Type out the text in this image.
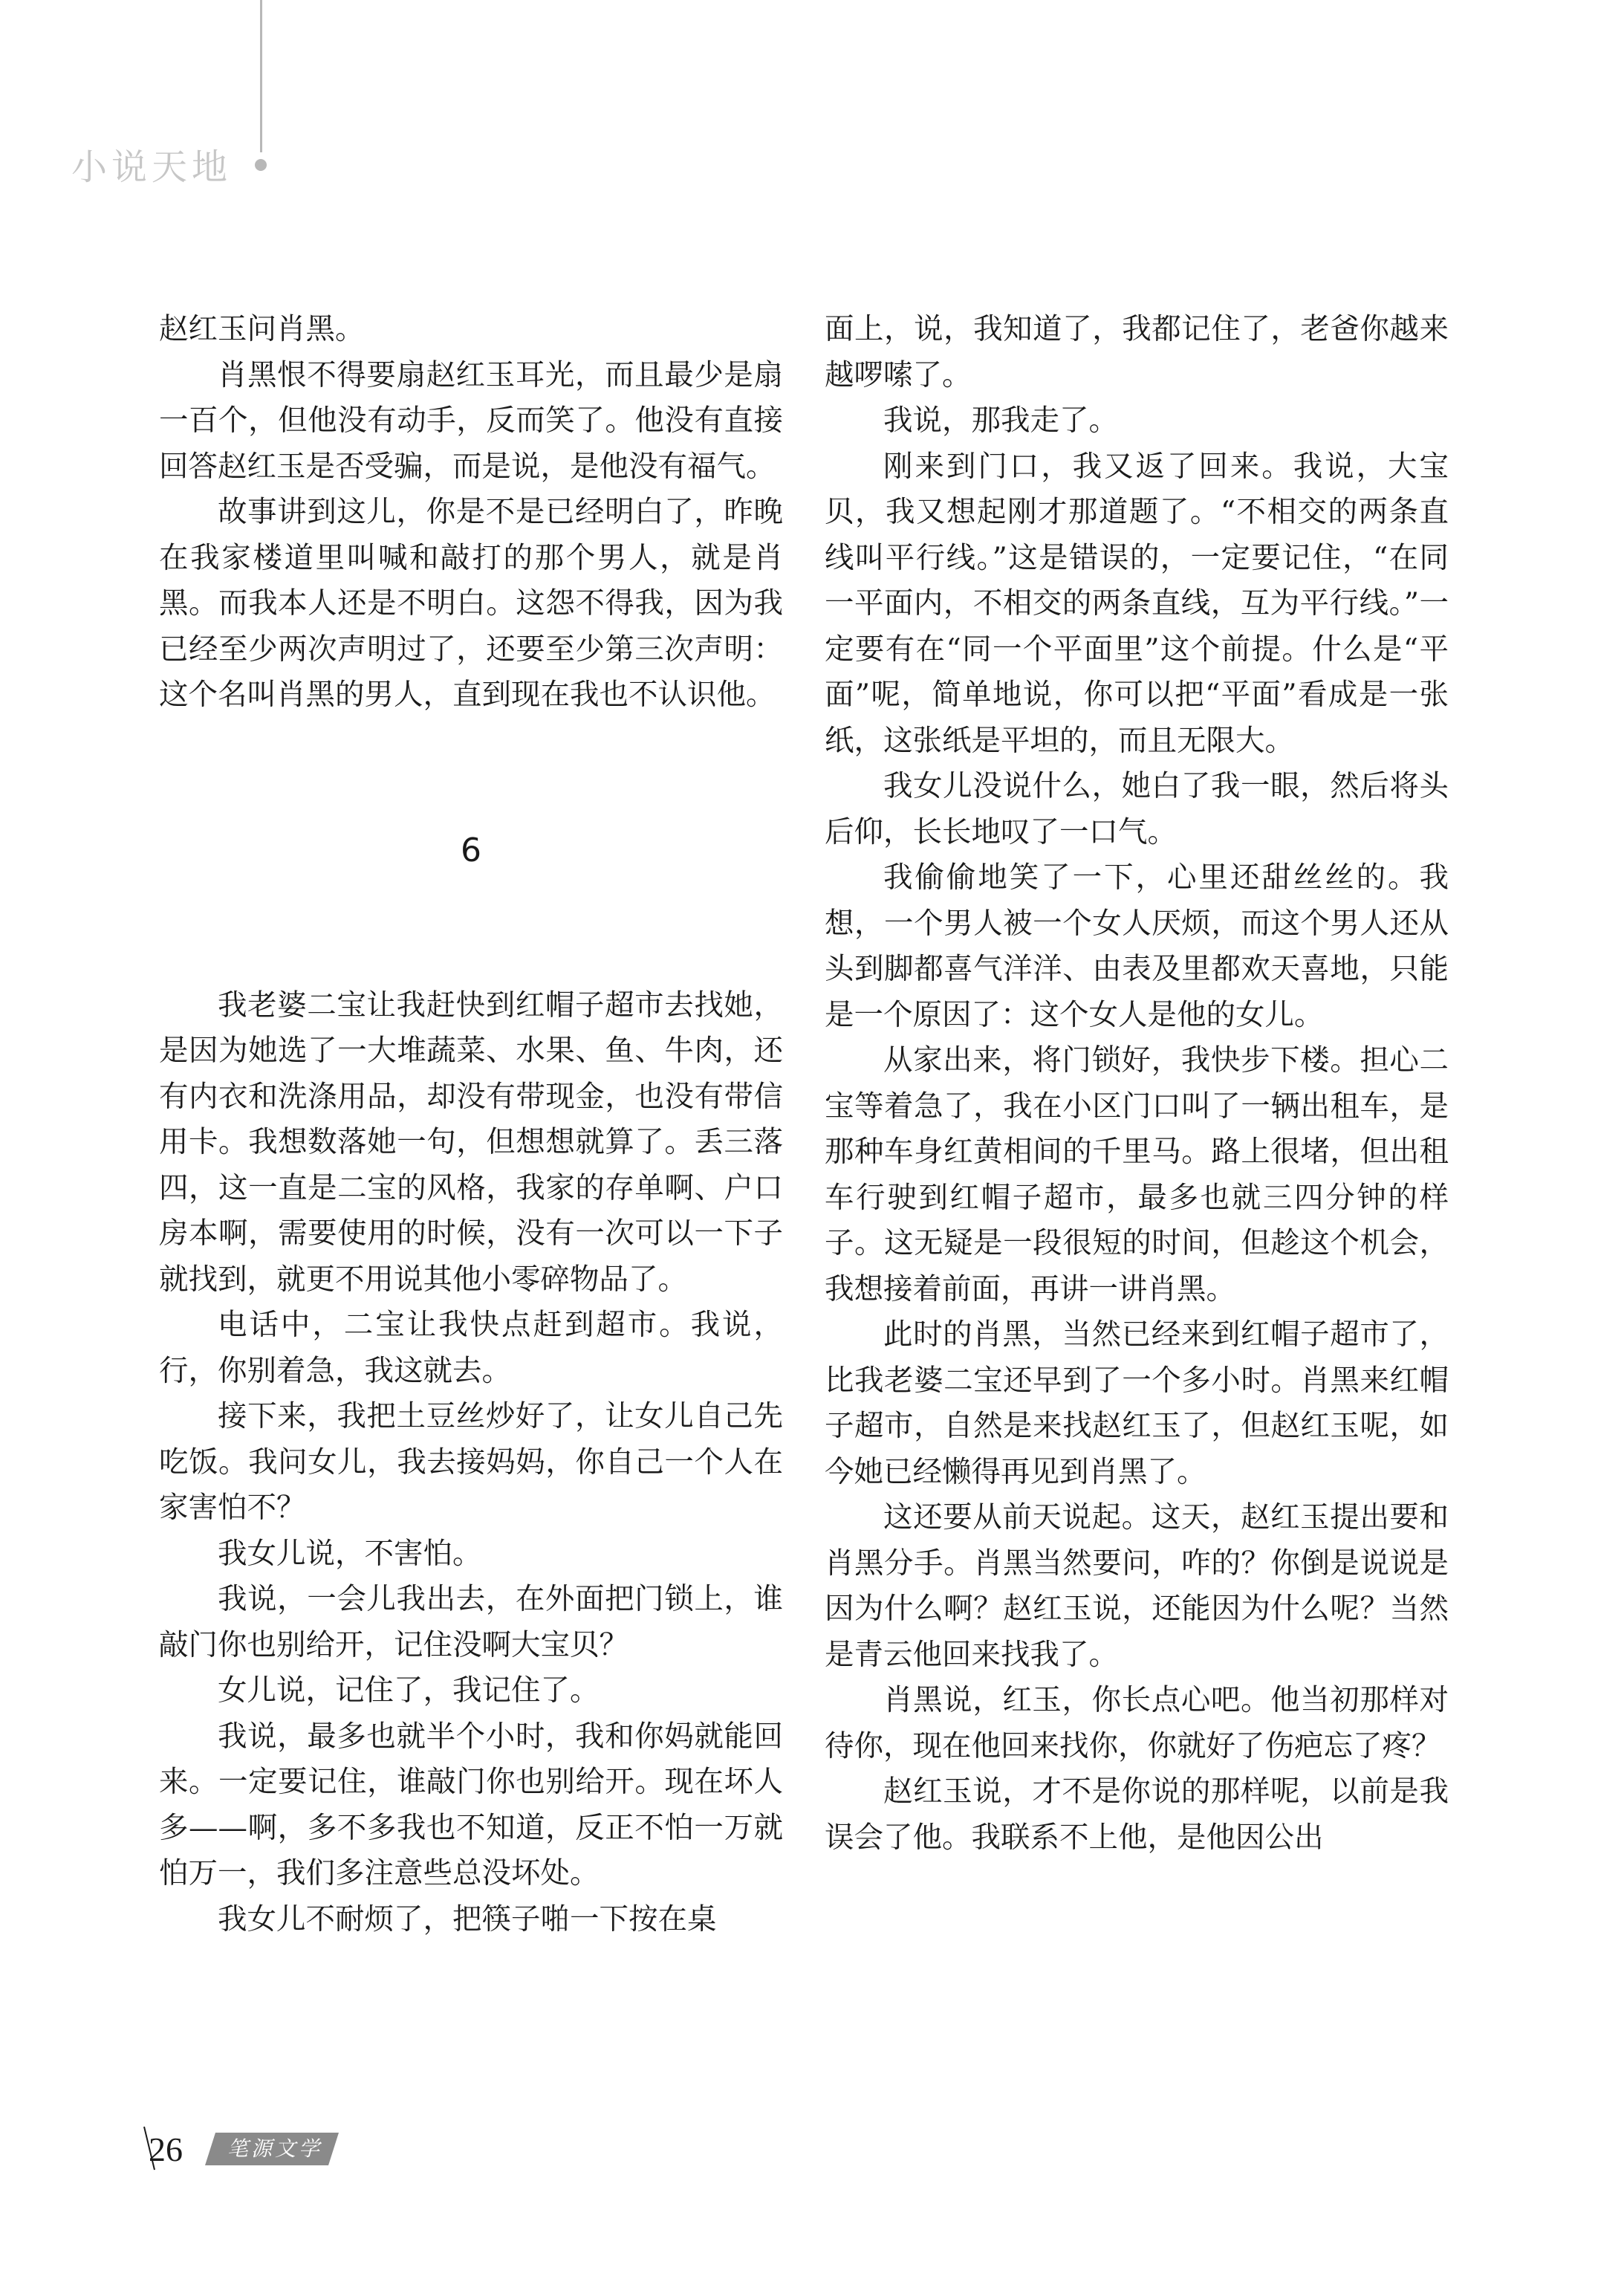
小说天地

赵红玉问肖黑。

肖黑恨不得要扇赵红玉耳光，而且最少是扇一百个，但他没有动手，反而笑了。他没有直接回答赵红玉是否受骗，而是说，是他没有福气。

故事讲到这儿，你是不是已经明白了，昨晚在我家楼道里叫喊和敲打的那个男人，就是肖黑。而我本人还是不明白。这怨不得我，因为我已经至少两次声明过了，还要至少第三次声明：这个名叫肖黑的男人，直到现在我也不认识他。

6

我老婆二宝让我赶快到红帽子超市去找她，是因为她选了一大堆蔬菜、水果、鱼、牛肉，还有内衣和洗涤用品，却没有带现金，也没有带信用卡。我想数落她一句，但想想就算了。丢三落四，这一直是二宝的风格，我家的存单啊、户口房本啊，需要使用的时候，没有一次可以一下子就找到，就更不用说其他小零碎物品了。

电话中，二宝让我快点赶到超市。我说，行，你别着急，我这就去。

接下来，我把土豆丝炒好了，让女儿自己先吃饭。我问女儿，我去接妈妈，你自己一个人在家害怕不？

我女儿说，不害怕。

我说，一会儿我出去，在外面把门锁上，谁敲门你也别给开，记住没啊大宝贝？

女儿说，记住了，我记住了。

我说，最多也就半个小时，我和你妈就能回来。一定要记住，谁敲门你也别给开。现在坏人多——啊，多不多我也不知道，反正不怕一万就怕万一，我们多注意些总没坏处。

我女儿不耐烦了，把筷子啪一下按在桌

面上，说，我知道了，我都记住了，老爸你越来越啰嗦了。

我说，那我走了。

刚来到门口，我又返了回来。我说，大宝贝，我又想起刚才那道题了。“不相交的两条直线叫平行线。”这是错误的，一定要记住，“在同一平面内，不相交的两条直线，互为平行线。”一定要有在“同一个平面里”这个前提。什么是“平面”呢，简单地说，你可以把“平面”看成是一张纸，这张纸是平坦的，而且无限大。

我女儿没说什么，她白了我一眼，然后将头后仰，长长地叹了一口气。

我偷偷地笑了一下，心里还甜丝丝的。我想，一个男人被一个女人厌烦，而这个男人还从头到脚都喜气洋洋、由表及里都欢天喜地，只能是一个原因了：这个女人是他的女儿。

从家出来，将门锁好，我快步下楼。担心二宝等着急了，我在小区门口叫了一辆出租车，是那种车身红黄相间的千里马。路上很堵，但出租车行驶到红帽子超市，最多也就三四分钟的样子。这无疑是一段很短的时间，但趁这个机会，我想接着前面，再讲一讲肖黑。

此时的肖黑，当然已经来到红帽子超市了，比我老婆二宝还早到了一个多小时。肖黑来红帽子超市，自然是来找赵红玉了，但赵红玉呢，如今她已经懒得再见到肖黑了。

这还要从前天说起。这天，赵红玉提出要和肖黑分手。肖黑当然要问，咋的？你倒是说说是因为什么啊？赵红玉说，还能因为什么呢？当然是青云他回来找我了。

肖黑说，红玉，你长点心吧。他当初那样对待你，现在他回来找你，你就好了伤疤忘了疼？

赵红玉说，才不是你说的那样呢，以前是我误会了他。我联系不上他，是他因公出

26 笔源文学
